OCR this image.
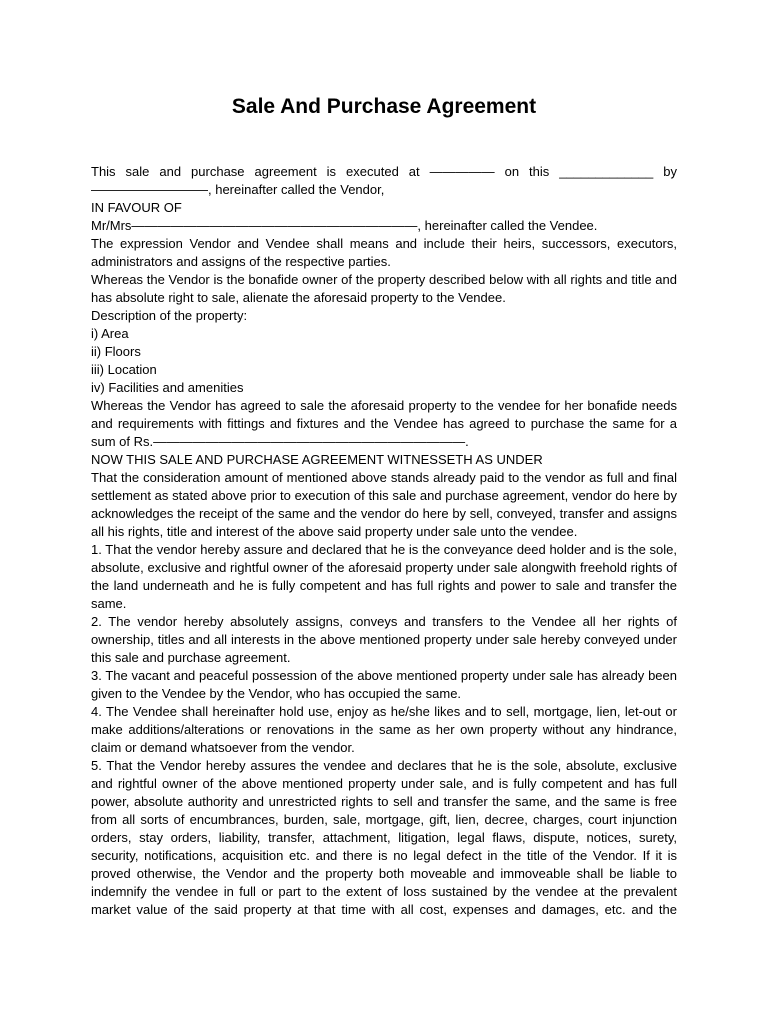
Sale And Purchase Agreement

This sale and purchase agreement is executed at ————— on this _____________ by —————————, hereinafter called the Vendor,

IN FAVOUR OF

Mr/Mrs——————————————————————, hereinafter called the Vendee.

The expression Vendor and Vendee shall means and include their heirs, successors, executors, administrators and assigns of the respective parties.

Whereas the Vendor is the bonafide owner of the property described below with all rights and title and has absolute right to sale, alienate the aforesaid property to the Vendee.

Description of the property:

i) Area

ii) Floors

iii) Location

iv) Facilities and amenities

Whereas the Vendor has agreed to sale the aforesaid property to the vendee for her bonafide needs and requirements with fittings and fixtures and the Vendee has agreed to purchase the same for a sum of Rs.————————————————————————.

NOW THIS SALE AND PURCHASE AGREEMENT WITNESSETH AS UNDER

That the consideration amount of mentioned above stands already paid to the vendor as full and final settlement as stated above prior to execution of this sale and purchase agreement, vendor do here by acknowledges the receipt of the same and the vendor do here by sell, conveyed, transfer and assigns all his rights, title and interest of the above said property under sale unto the vendee.

1. That the vendor hereby assure and declared that he is the conveyance deed holder and is the sole, absolute, exclusive and rightful owner of the aforesaid property under sale alongwith freehold rights of the land underneath and he is fully competent and has full rights and power to sale and transfer the same.

2. The vendor hereby absolutely assigns, conveys and transfers to the Vendee all her rights of ownership, titles and all interests in the above mentioned property under sale hereby conveyed under this sale and purchase agreement.

3. The vacant and peaceful possession of the above mentioned property under sale has already been given to the Vendee by the Vendor, who has occupied the same.

4. The Vendee shall hereinafter hold use, enjoy as he/she likes and to sell, mortgage, lien, let-out or make additions/alterations or renovations in the same as her own property without any hindrance, claim or demand whatsoever from the vendor.

5. That the Vendor hereby assures the vendee and declares that he is the sole, absolute, exclusive and rightful owner of the above mentioned property under sale, and is fully competent and has full power, absolute authority and unrestricted rights to sell and transfer the same, and the same is free from all sorts of encumbrances, burden, sale, mortgage, gift, lien, decree, charges, court injunction orders, stay orders, liability, transfer, attachment, litigation, legal flaws, dispute, notices, surety, security, notifications, acquisition etc. and there is no legal defect in the title of the Vendor. If it is proved otherwise, the Vendor and the property both moveable and immoveable shall be liable to indemnify the vendee in full or part to the extent of loss sustained by the vendee at the prevalent market value of the said property at that time with all cost, expenses and damages, etc. and the
